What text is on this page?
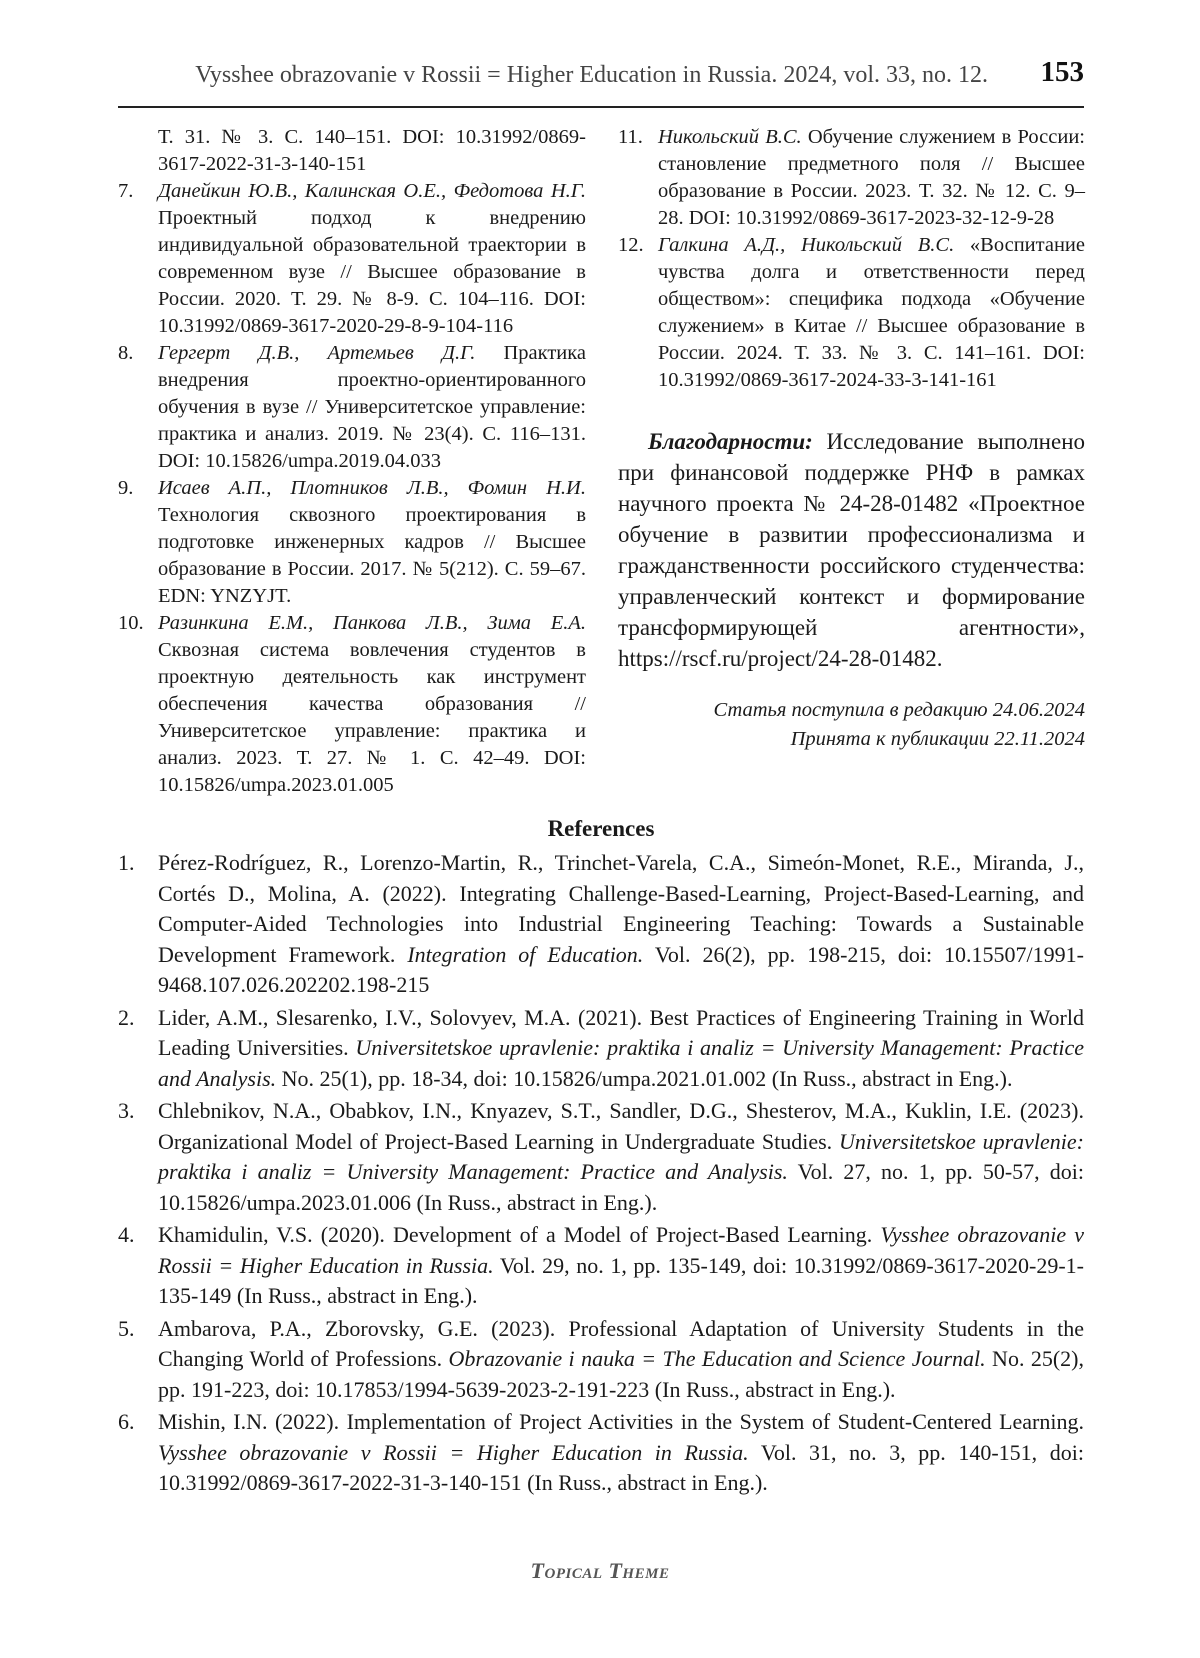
Vysshee obrazovanie v Rossii = Higher Education in Russia. 2024, vol. 33, no. 12. 153
Т. 31. № 3. С. 140–151. DOI: 10.31992/0869-3617-2022-31-3-140-151
7. Данейкин Ю.В., Калинская О.Е., Федотова Н.Г. Проектный подход к внедрению индивидуальной образовательной траектории в современном вузе // Высшее образование в России. 2020. Т. 29. № 8-9. С. 104–116. DOI: 10.31992/0869-3617-2020-29-8-9-104-116
8. Гергерт Д.В., Артемьев Д.Г. Практика внедрения проектно-ориентированного обучения в вузе // Университетское управление: практика и анализ. 2019. № 23(4). С. 116–131. DOI: 10.15826/umpa.2019.04.033
9. Исаев А.П., Плотников Л.В., Фомин Н.И. Технология сквозного проектирования в подготовке инженерных кадров // Высшее образование в России. 2017. № 5(212). С. 59–67. EDN: YNZYJT.
10. Разинкина Е.М., Панкова Л.В., Зима Е.А. Сквозная система вовлечения студентов в проектную деятельность как инструмент обеспечения качества образования // Университетское управление: практика и анализ. 2023. Т. 27. № 1. С. 42–49. DOI: 10.15826/umpa.2023.01.005
11. Никольский В.С. Обучение служением в России: становление предметного поля // Высшее образование в России. 2023. Т. 32. № 12. С. 9–28. DOI: 10.31992/0869-3617-2023-32-12-9-28
12. Галкина А.Д., Никольский В.С. «Воспитание чувства долга и ответственности перед обществом»: специфика подхода «Обучение служением» в Китае // Высшее образование в России. 2024. Т. 33. № 3. С. 141–161. DOI: 10.31992/0869-3617-2024-33-3-141-161
Благодарности: Исследование выполнено при финансовой поддержке РНФ в рамках научного проекта № 24-28-01482 «Проектное обучение в развитии профессионализма и гражданственности российского студенчества: управленческий контекст и формирование трансформирующей агентности», https://rscf.ru/project/24-28-01482.
Статья поступила в редакцию 24.06.2024
Принята к публикации 22.11.2024
References
1. Pérez-Rodríguez, R., Lorenzo-Martin, R., Trinchet-Varela, C.A., Simeón-Monet, R.E., Miranda, J., Cortés D., Molina, A. (2022). Integrating Challenge-Based-Learning, Project-Based-Learning, and Computer-Aided Technologies into Industrial Engineering Teaching: Towards a Sustainable Development Framework. Integration of Education. Vol. 26(2), pp. 198-215, doi: 10.15507/1991-9468.107.026.202202.198-215
2. Lider, A.M., Slesarenko, I.V., Solovyev, M.A. (2021). Best Practices of Engineering Training in World Leading Universities. Universitetskoe upravlenie: praktika i analiz = University Management: Practice and Analysis. No. 25(1), pp. 18-34, doi: 10.15826/umpa.2021.01.002 (In Russ., abstract in Eng.).
3. Chlebnikov, N.A., Obabkov, I.N., Knyazev, S.T., Sandler, D.G., Shesterov, M.A., Kuklin, I.E. (2023). Organizational Model of Project-Based Learning in Undergraduate Studies. Universitetskoe upravlenie: praktika i analiz = University Management: Practice and Analysis. Vol. 27, no. 1, pp. 50-57, doi: 10.15826/umpa.2023.01.006 (In Russ., abstract in Eng.).
4. Khamidulin, V.S. (2020). Development of a Model of Project-Based Learning. Vysshee obrazovanie v Rossii = Higher Education in Russia. Vol. 29, no. 1, pp. 135-149, doi: 10.31992/0869-3617-2020-29-1-135-149 (In Russ., abstract in Eng.).
5. Ambarova, P.A., Zborovsky, G.E. (2023). Professional Adaptation of University Students in the Changing World of Professions. Obrazovanie i nauka = The Education and Science Journal. No. 25(2), pp. 191-223, doi: 10.17853/1994-5639-2023-2-191-223 (In Russ., abstract in Eng.).
6. Mishin, I.N. (2022). Implementation of Project Activities in the System of Student-Centered Learning. Vysshee obrazovanie v Rossii = Higher Education in Russia. Vol. 31, no. 3, pp. 140-151, doi: 10.31992/0869-3617-2022-31-3-140-151 (In Russ., abstract in Eng.).
Topical Theme
